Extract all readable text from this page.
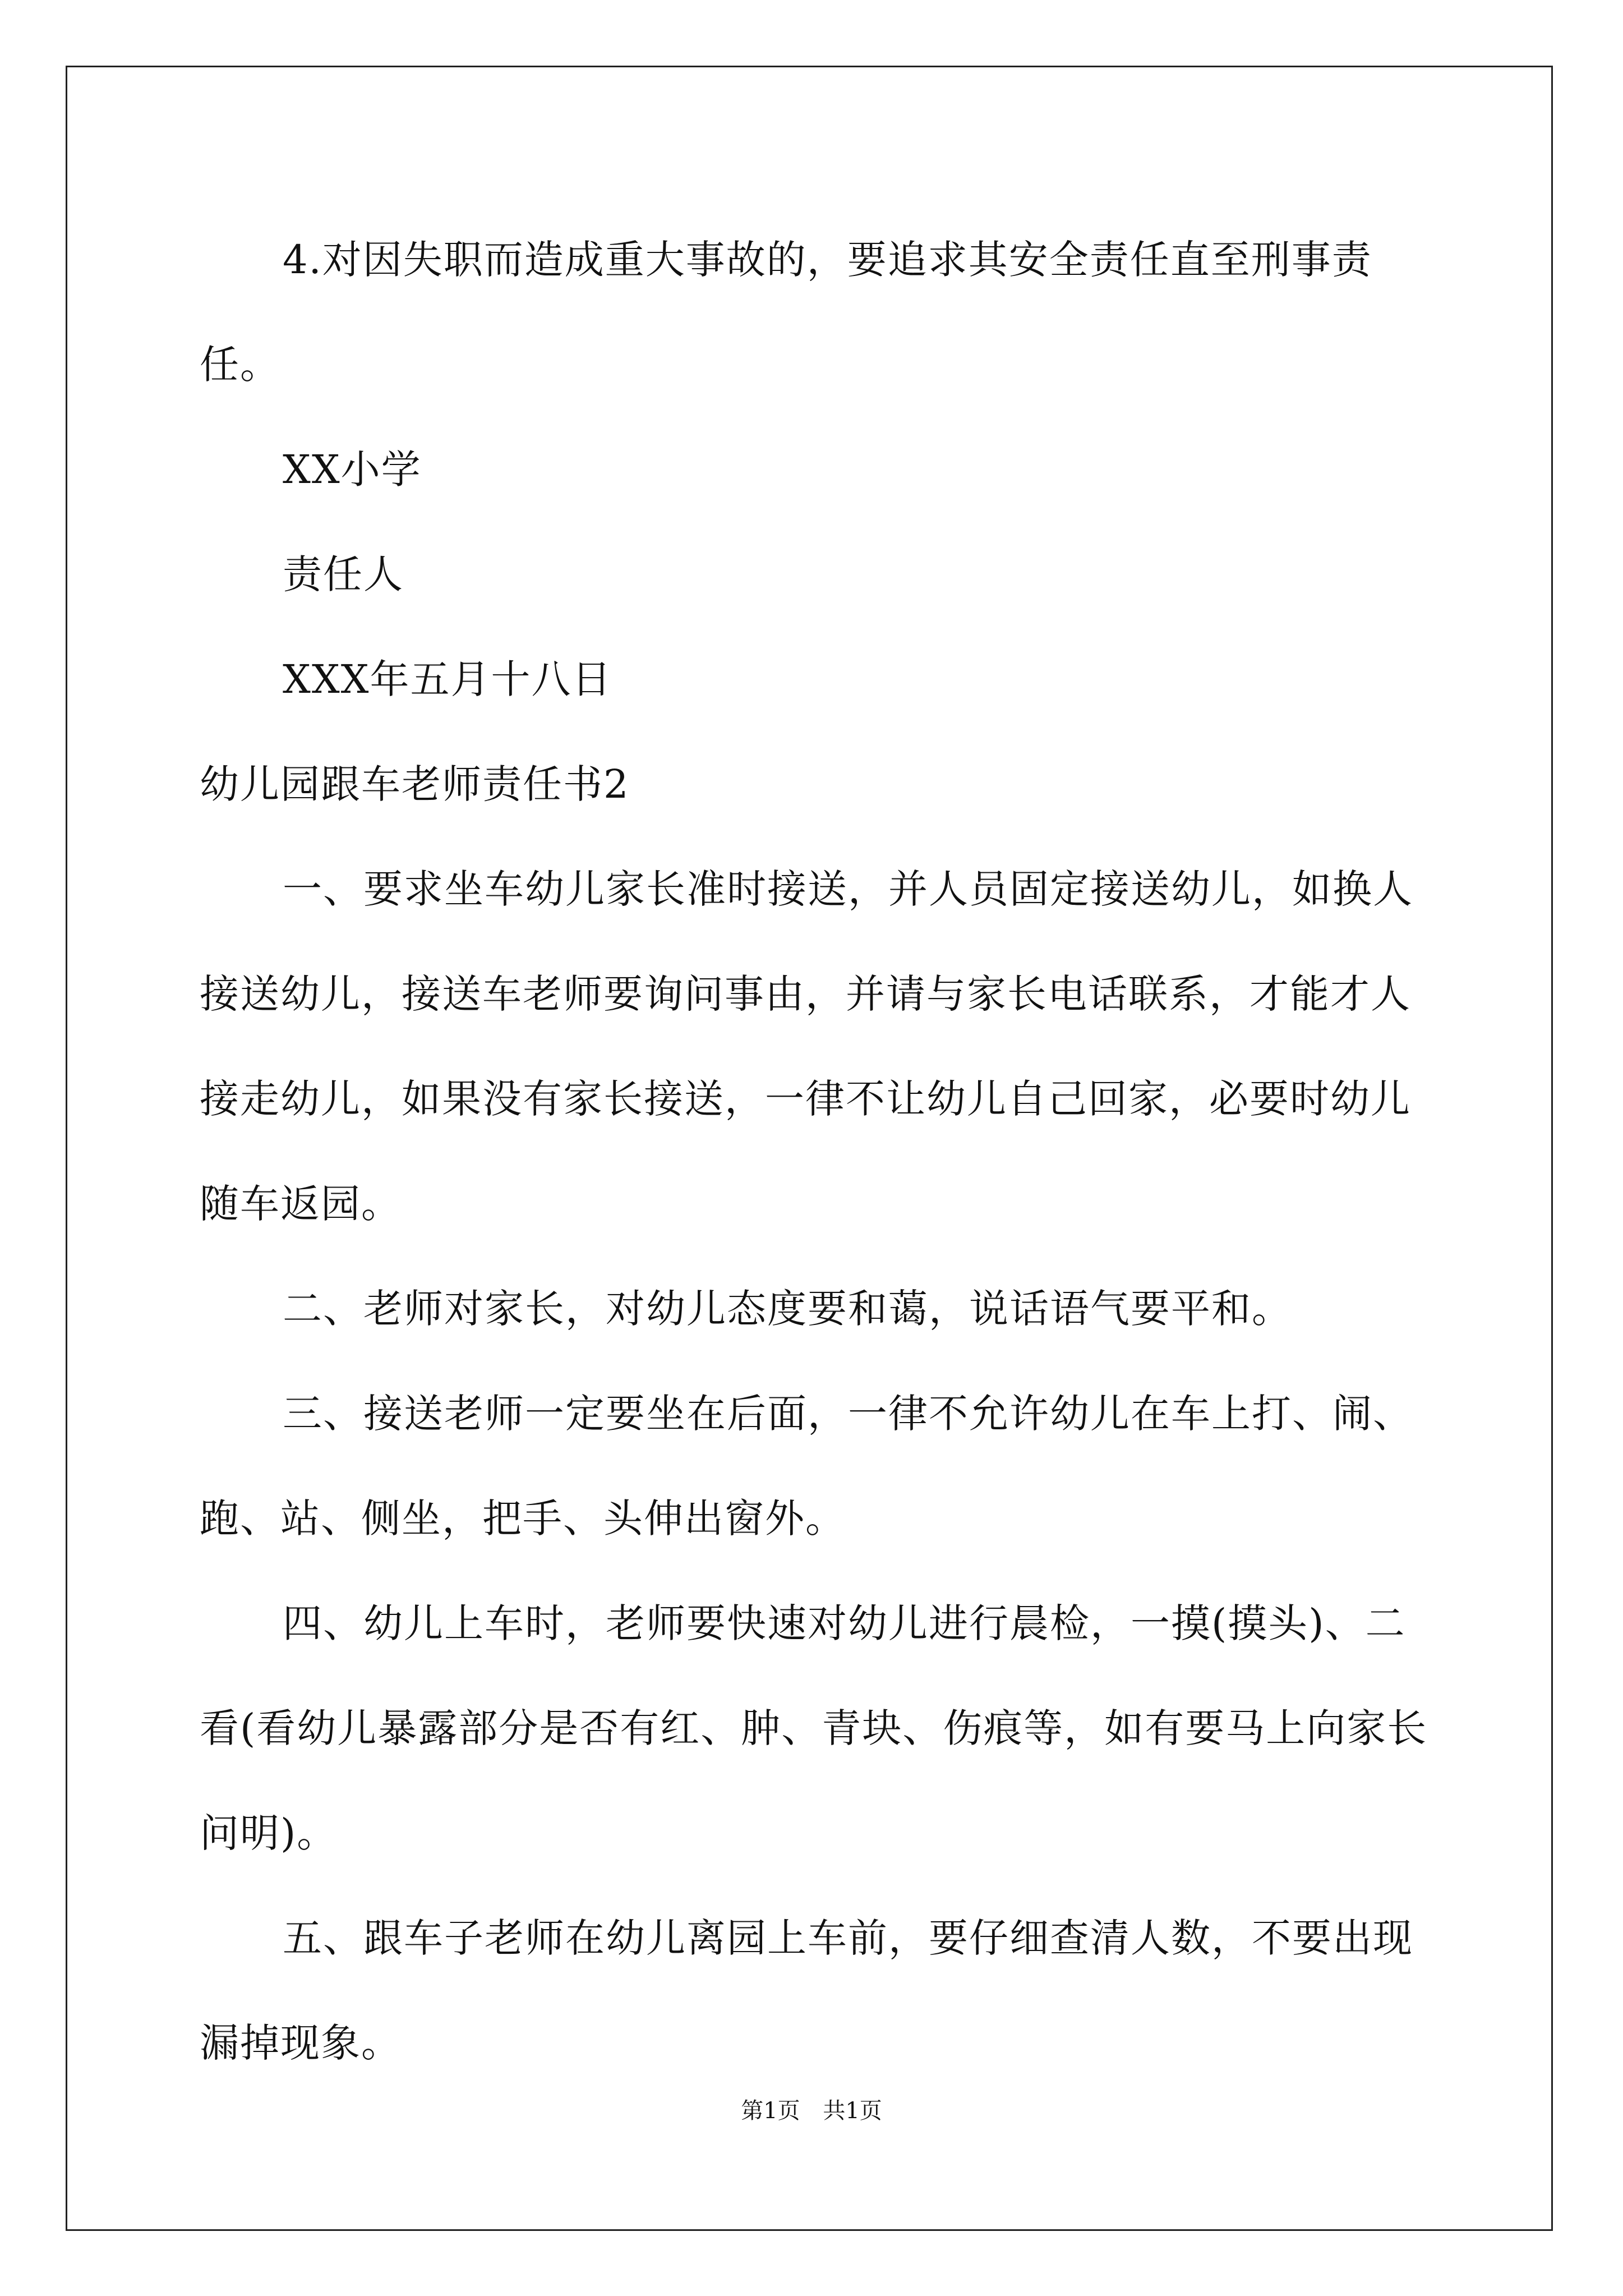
4.对因失职而造成重大事故的，要追求其安全责任直至刑事责任。

XX小学

责任人

XXX年五月十八日

幼儿园跟车老师责任书2

一、要求坐车幼儿家长准时接送，并人员固定接送幼儿，如换人接送幼儿，接送车老师要询问事由，并请与家长电话联系，才能才人接走幼儿，如果没有家长接送，一律不让幼儿自己回家，必要时幼儿随车返园。

二、老师对家长，对幼儿态度要和蔼，说话语气要平和。

三、接送老师一定要坐在后面，一律不允许幼儿在车上打、闹、跑、站、侧坐，把手、头伸出窗外。

四、幼儿上车时，老师要快速对幼儿进行晨检，一摸(摸头)、二看(看幼儿暴露部分是否有红、肿、青块、伤痕等，如有要马上向家长问明)。

五、跟车子老师在幼儿离园上车前，要仔细查清人数，不要出现漏掉现象。

第1页 共1页
